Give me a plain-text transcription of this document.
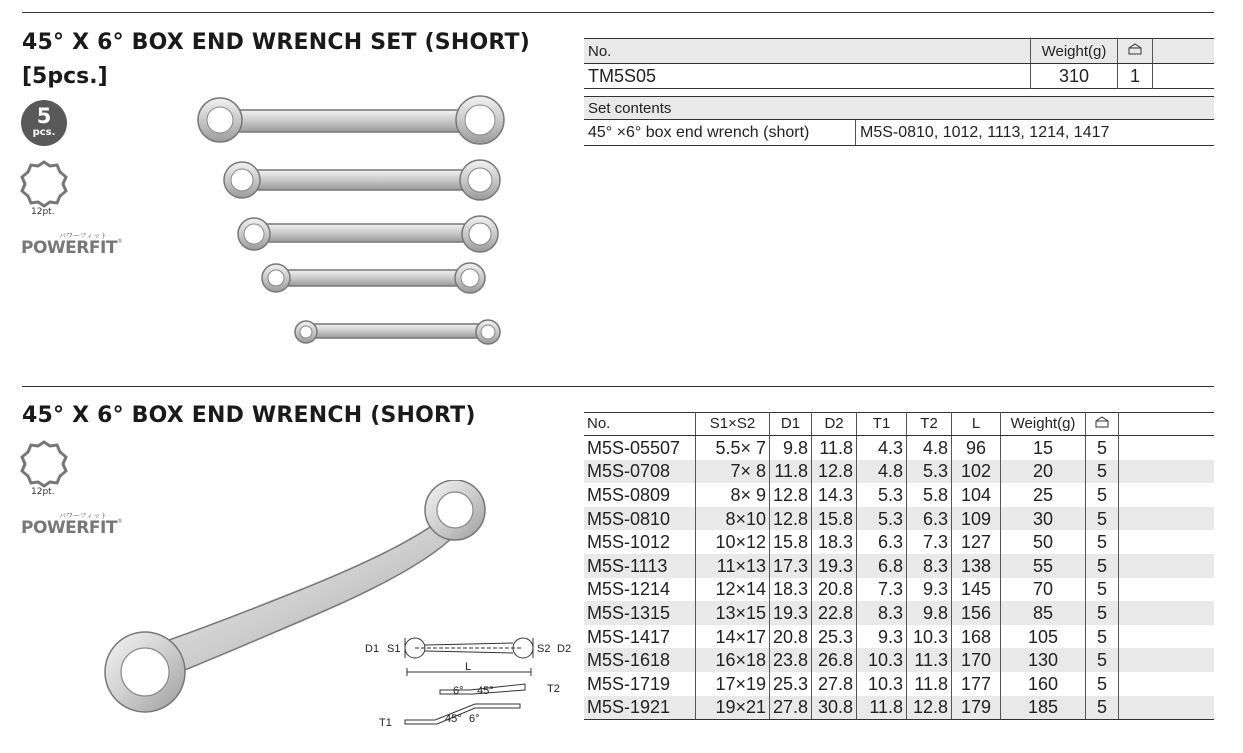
45° X 6° BOX END WRENCH SET (SHORT)
[5pcs.]
5
pcs.
12pt.
パワーフィット
POWERFIT®
No.	Weight(g)		
TM5S05	310	1	
Set contents
45° ×6° box end wrench (short)	M5S-0810, 1012, 1113, 1214, 1417
45° X 6° BOX END WRENCH (SHORT)
12pt.
パワーフィット
POWERFIT®
D1 S1	S2 D2
L
6° 45°	T2
T1	45° 6°
No.	S1×S2	D1	D2	T1	T2	L	Weight(g)		
M5S-05507	5.5× 7	9.8	11.8	4.3	4.8	96	15	5	
M5S-0708	7× 8	11.8	12.8	4.8	5.3	102	20	5	
M5S-0809	8× 9	12.8	14.3	5.3	5.8	104	25	5	
M5S-0810	8×10	12.8	15.8	5.3	6.3	109	30	5	
M5S-1012	10×12	15.8	18.3	6.3	7.3	127	50	5	
M5S-1113	11×13	17.3	19.3	6.8	8.3	138	55	5	
M5S-1214	12×14	18.3	20.8	7.3	9.3	145	70	5	
M5S-1315	13×15	19.3	22.8	8.3	9.8	156	85	5	
M5S-1417	14×17	20.8	25.3	9.3	10.3	168	105	5	
M5S-1618	16×18	23.8	26.8	10.3	11.3	170	130	5	
M5S-1719	17×19	25.3	27.8	10.3	11.8	177	160	5	
M5S-1921	19×21	27.8	30.8	11.8	12.8	179	185	5	
